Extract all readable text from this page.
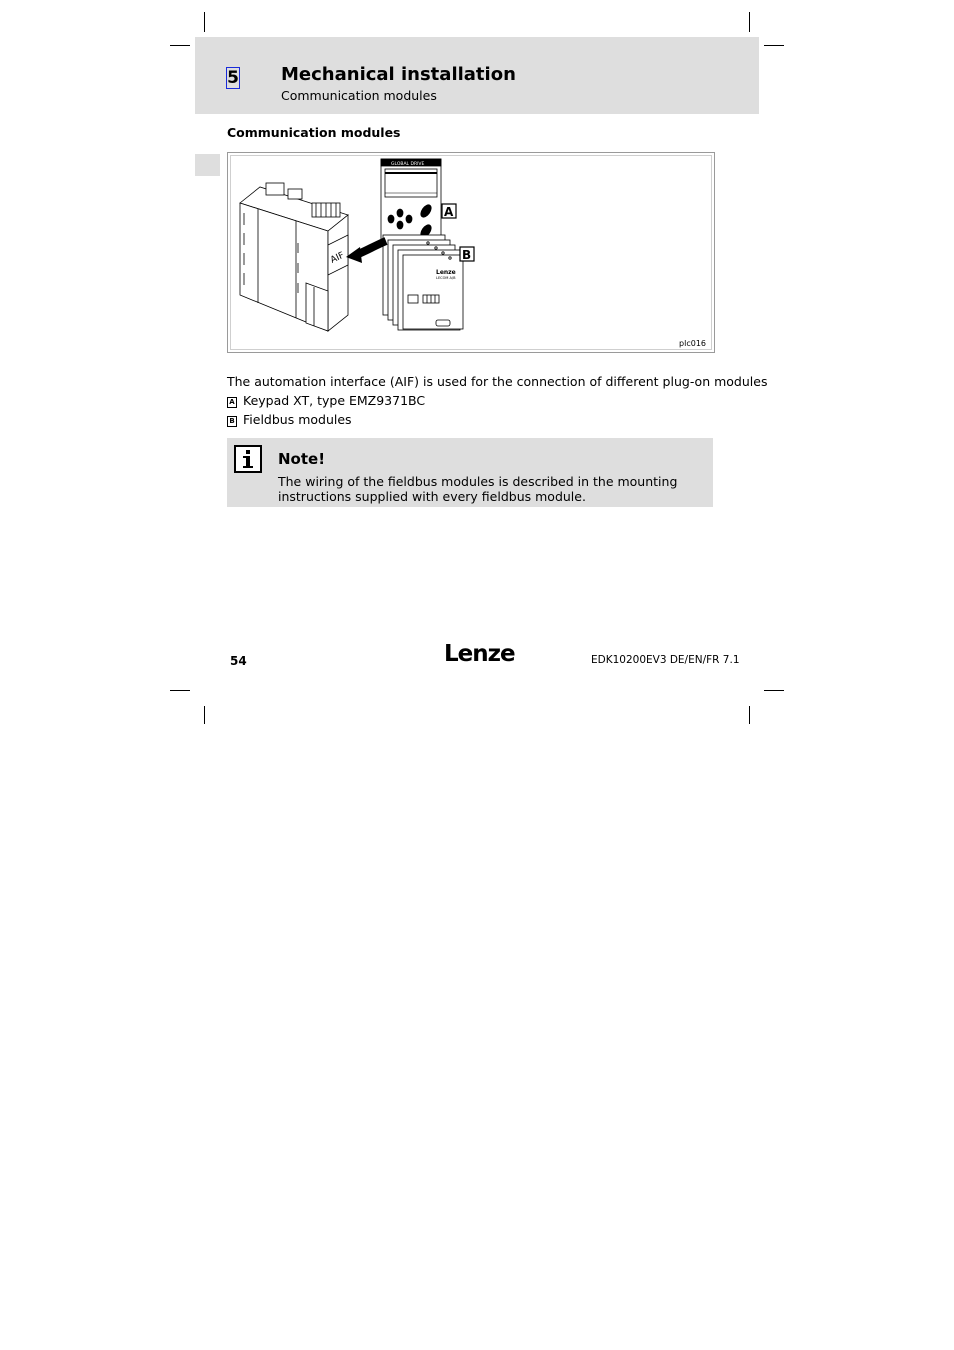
5 Mechanical installation
Communication modules
Communication modules
AIF
GLOBAL DRIVE
A
Lenze
LECOM A/B
B
plc016
The automation interface (AIF) is used for the connection of different plug-on modules
A Keypad XT, type EMZ9371BC
B Fieldbus modules
Note!
The wiring of the fieldbus modules is described in the mounting instructions supplied with every fieldbus module.
54	Lenze	EDK10200EV3 DE/EN/FR 7.1
